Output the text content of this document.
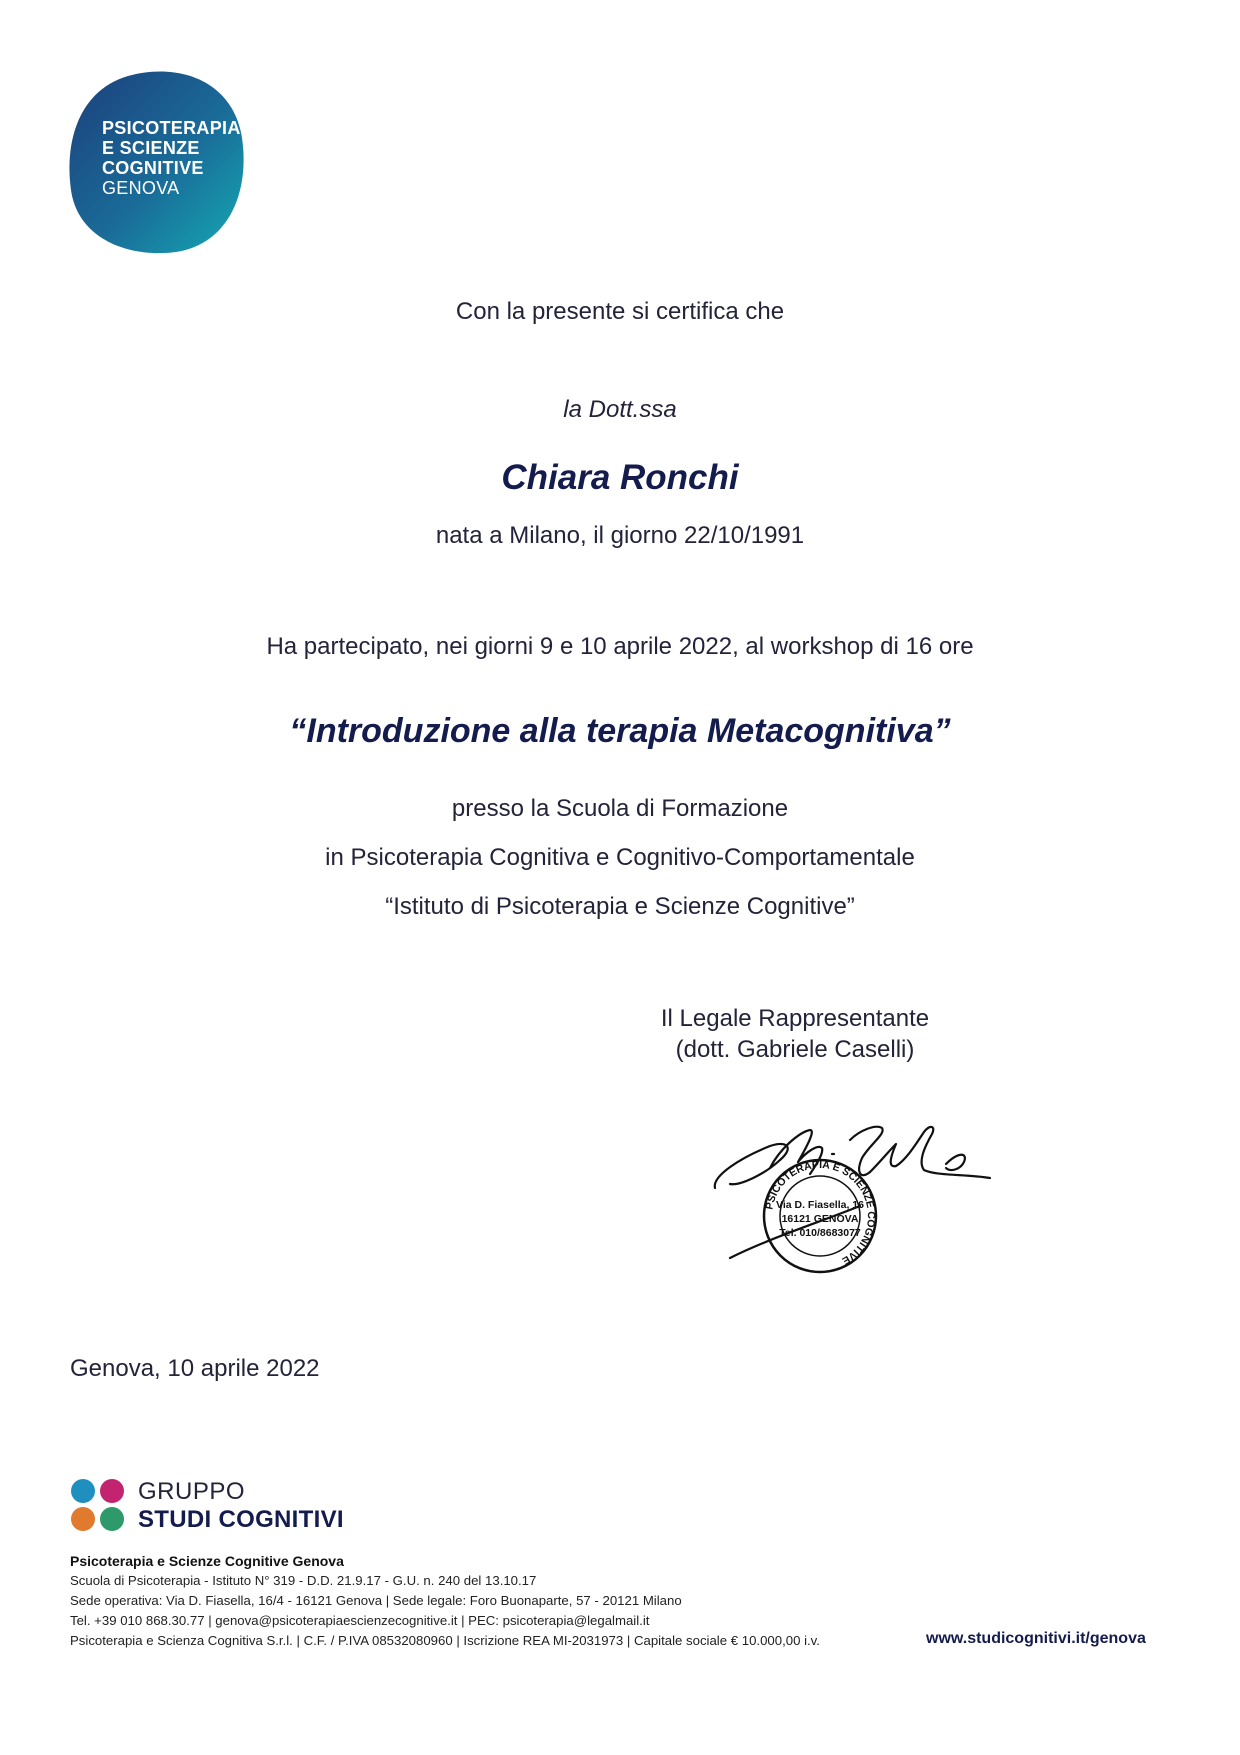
PSICOTERAPIA
E SCIENZE
COGNITIVE
GENOVA
Con la presente si certifica che
la Dott.ssa
Chiara Ronchi
nata a Milano, il giorno 22/10/1991
Ha partecipato, nei giorni 9 e 10 aprile 2022, al workshop di 16 ore
“Introduzione alla terapia Metacognitiva”
presso la Scuola di Formazione
in Psicoterapia Cognitiva e Cognitivo-Comportamentale
“Istituto di Psicoterapia e Scienze Cognitive”
Il Legale Rappresentante
(dott. Gabriele Caselli)
PSICOTERAPIA E SCIENZE COGNITIVE
Via D. Fiasella, 16
16121 GENOVA
Tel. 010/8683077
Genova, 10 aprile 2022
GRUPPO
STUDI COGNITIVI
Psicoterapia e Scienze Cognitive Genova
Scuola di Psicoterapia - Istituto N° 319 - D.D. 21.9.17 - G.U. n. 240 del 13.10.17
Sede operativa: Via D. Fiasella, 16/4 - 16121 Genova | Sede legale: Foro Buonaparte, 57 - 20121 Milano
Tel. +39 010 868.30.77 | genova@psicoterapiaescienzecognitive.it | PEC: psicoterapia@legalmail.it
Psicoterapia e Scienza Cognitiva S.r.l. | C.F. / P.IVA 08532080960 | Iscrizione REA MI-2031973 | Capitale sociale € 10.000,00 i.v.	www.studicognitivi.it/genova
